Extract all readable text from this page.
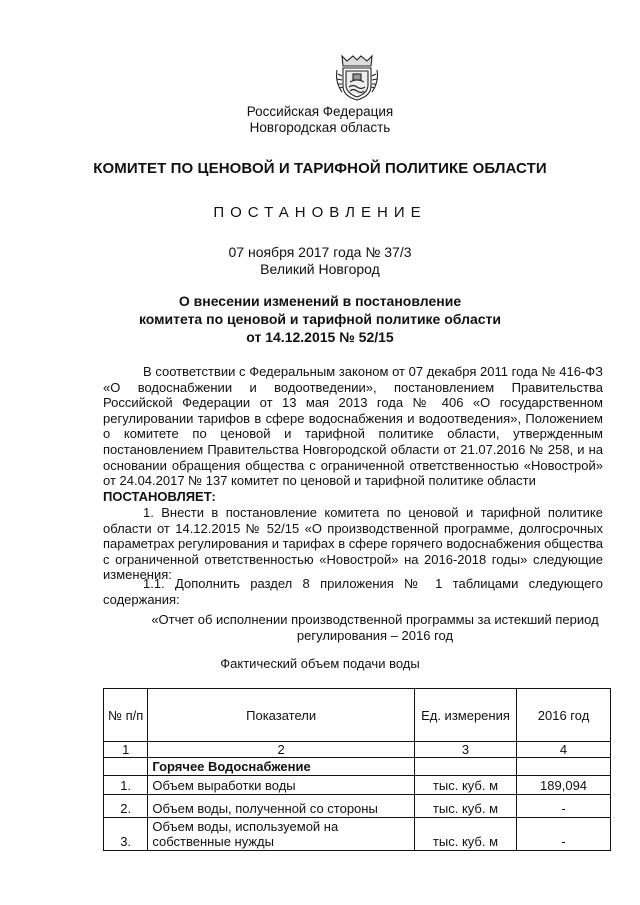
Российская Федерация
Новгородская область
КОМИТЕТ ПО ЦЕНОВОЙ И ТАРИФНОЙ ПОЛИТИКЕ ОБЛАСТИ
ПОСТАНОВЛЕНИЕ
07 ноября 2017 года № 37/3
Великий Новгород
О внесении изменений в постановление
комитета по ценовой и тарифной политике области
от 14.12.2015 № 52/15
В соответствии с Федеральным законом от 07 декабря 2011 года № 416-ФЗ
«О водоснабжении и водоотведении», постановлением Правительства
Российской Федерации от 13 мая 2013 года № 406 «О государственном
регулировании тарифов в сфере водоснабжения и водоотведения», Положением
о комитете по ценовой и тарифной политике области, утвержденным
постановлением Правительства Новгородской области от 21.07.2016 № 258, и на
основании обращения общества с ограниченной ответственностью «Новострой»
от 24.04.2017 № 137 комитет по ценовой и тарифной политике области
ПОСТАНОВЛЯЕТ:
1. Внести в постановление комитета по ценовой и тарифной политике области от 14.12.2015 № 52/15 «О производственной программе, долгосрочных параметрах регулирования и тарифах в сфере горячего водоснабжения общества с ограниченной ответственностью «Новострой» на 2016-2018 годы» следующие изменения:
1.1. Дополнить раздел 8 приложения № 1 таблицами следующего содержания:
«Отчет об исполнении производственной программы за истекший период
регулирования – 2016 год
Фактический объем подачи воды
№ п/п	Показатели	Ед. измерения	2016 год
1	2	3	4
	Горячее Водоснабжение		
1.	Объем выработки воды	тыс. куб. м	189,094
2.	Объем воды, полученной со стороны	тыс. куб. м	-
3.	Объем воды, используемой на собственные нужды	тыс. куб. м	-
